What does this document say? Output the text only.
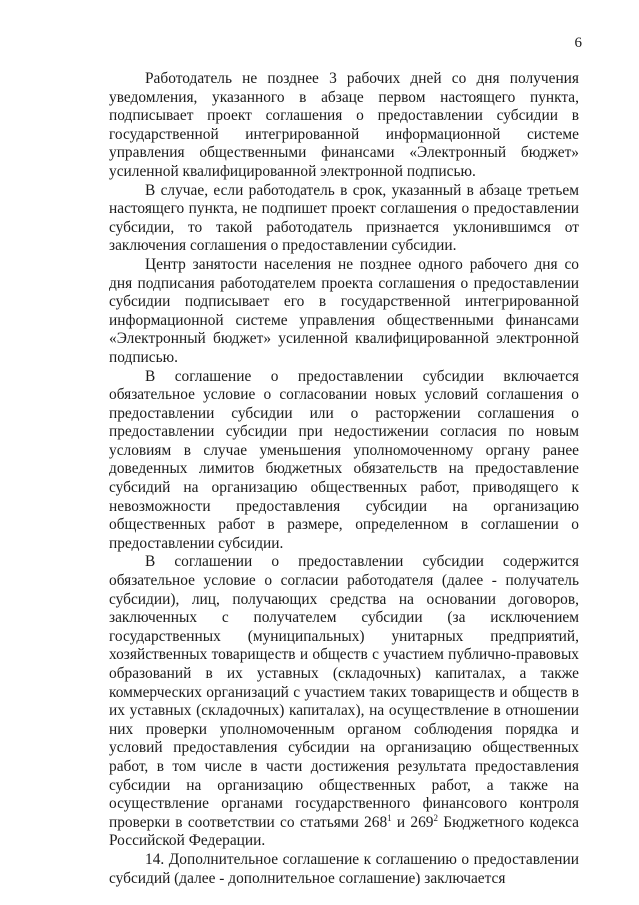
6

Работодатель не позднее 3 рабочих дней со дня получения уведомления, указанного в абзаце первом настоящего пункта, подписывает проект соглашения о предоставлении субсидии в государственной интегрированной информационной системе управления общественными финансами «Электронный бюджет» усиленной квалифицированной электронной подписью.

В случае, если работодатель в срок, указанный в абзаце третьем настоящего пункта, не подпишет проект соглашения о предоставлении субсидии, то такой работодатель признается уклонившимся от заключения соглашения о предоставлении субсидии.

Центр занятости населения не позднее одного рабочего дня со дня подписания работодателем проекта соглашения о предоставлении субсидии подписывает его в государственной интегрированной информационной системе управления общественными финансами «Электронный бюджет» усиленной квалифицированной электронной подписью.

В соглашение о предоставлении субсидии включается обязательное условие о согласовании новых условий соглашения о предоставлении субсидии или о расторжении соглашения о предоставлении субсидии при недостижении согласия по новым условиям в случае уменьшения уполномоченному органу ранее доведенных лимитов бюджетных обязательств на предоставление субсидий на организацию общественных работ, приводящего к невозможности предоставления субсидии на организацию общественных работ в размере, определенном в соглашении о предоставлении субсидии.

В соглашении о предоставлении субсидии содержится обязательное условие о согласии работодателя (далее - получатель субсидии), лиц, получающих средства на основании договоров, заключенных с получателем субсидии (за исключением государственных (муниципальных) унитарных предприятий, хозяйственных товариществ и обществ с участием публично-правовых образований в их уставных (складочных) капиталах, а также коммерческих организаций с участием таких товариществ и обществ в их уставных (складочных) капиталах), на осуществление в отношении них проверки уполномоченным органом соблюдения порядка и условий предоставления субсидии на организацию общественных работ, в том числе в части достижения результата предоставления субсидии на организацию общественных работ, а также на осуществление органами государственного финансового контроля проверки в соответствии со статьями $268^1$ и $269^2$ Бюджетного кодекса Российской Федерации.

14. Дополнительное соглашение к соглашению о предоставлении субсидий (далее - дополнительное соглашение) заключается
